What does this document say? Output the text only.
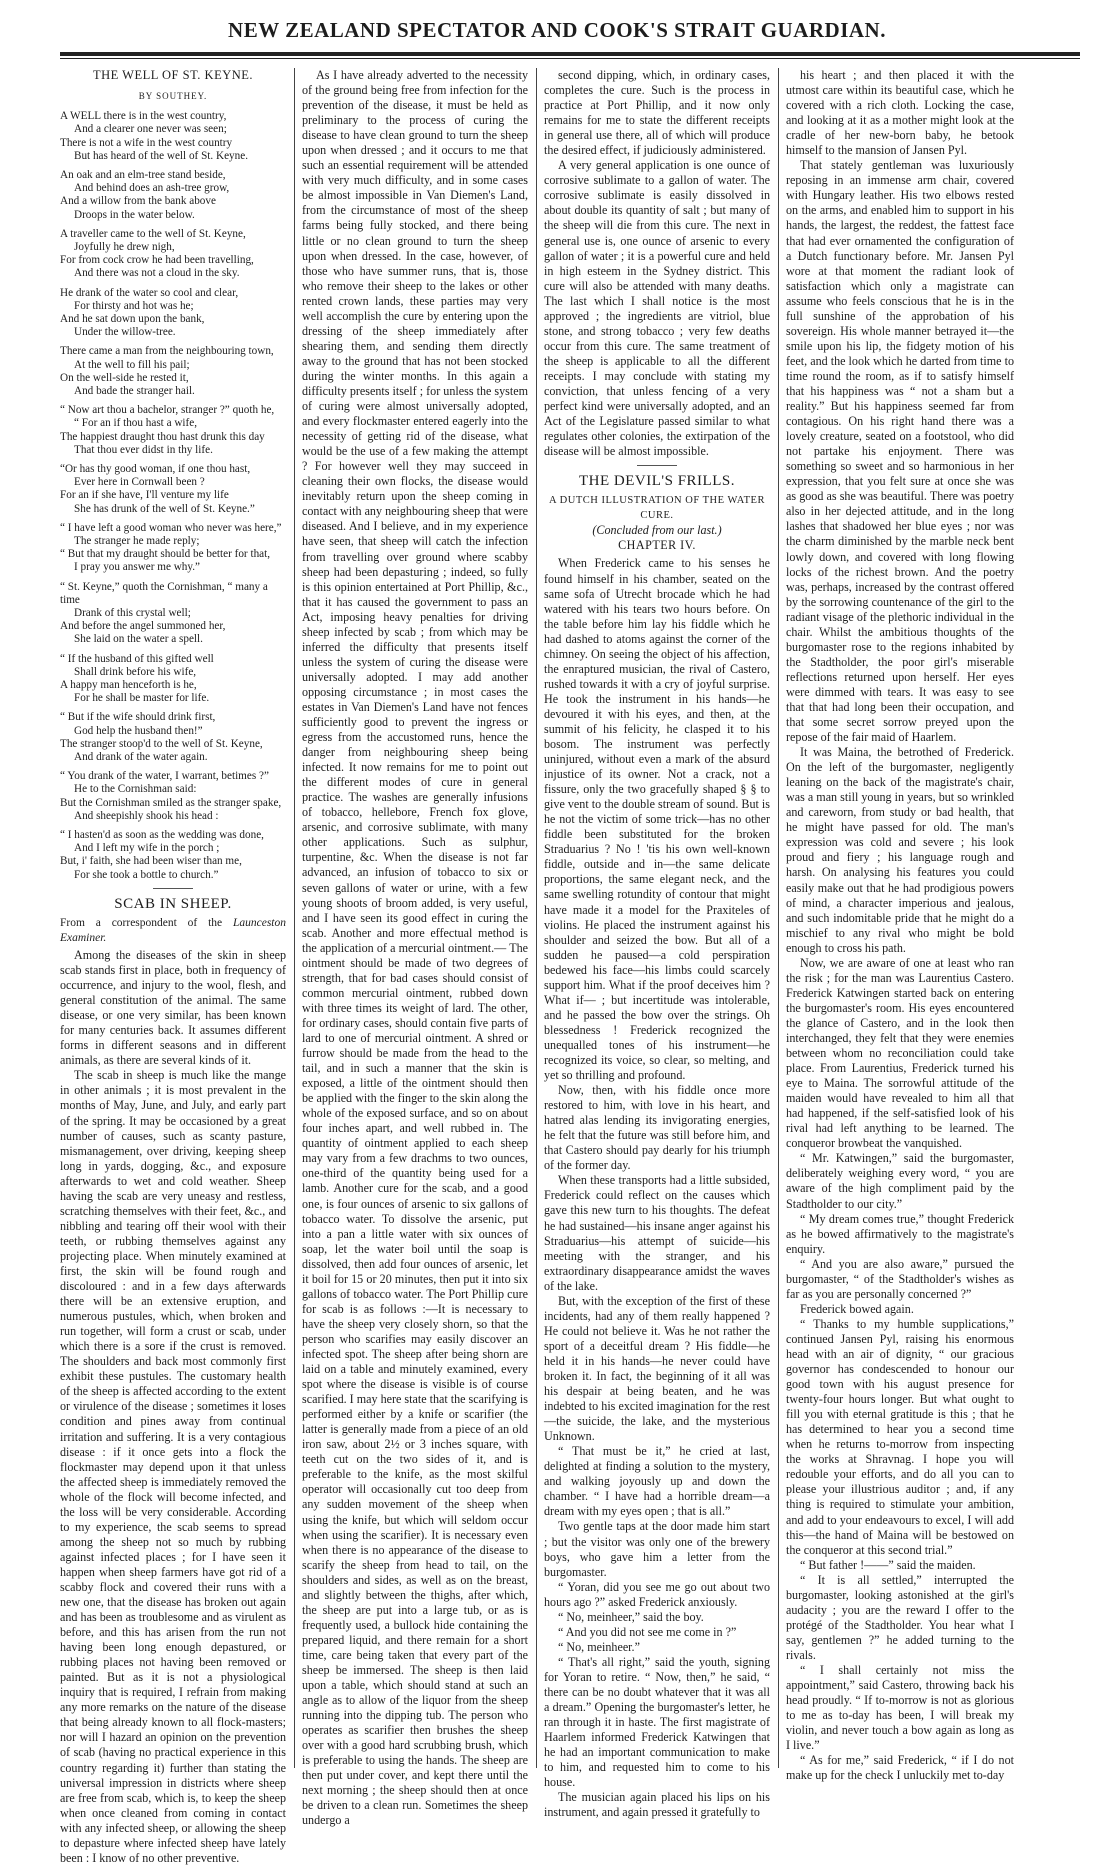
NEW ZEALAND SPECTATOR AND COOK'S STRAIT GUARDIAN.
THE WELL OF ST. KEYNE.
BY SOUTHEY.
A WELL there is in the west country,
And a clearer one never was seen;
There is not a wife in the west country
But has heard of the well of St. Keyne.
An oak and an elm-tree stand beside,
And behind does an ash-tree grow,
And a willow from the bank above
Droops in the water below.
A traveller came to the well of St. Keyne,
Joyfully he drew nigh,
For from cock crow he had been travelling,
And there was not a cloud in the sky.
He drank of the water so cool and clear,
For thirsty and hot was he;
And he sat down upon the bank,
Under the willow-tree.
There came a man from the neighbouring town,
At the well to fill his pail;
On the well-side he rested it,
And bade the stranger hail.
“ Now art thou a bachelor, stranger ?” quoth he,
“ For an if thou hast a wife,
The happiest draught thou hast drunk this day
That thou ever didst in thy life.
“Or has thy good woman, if one thou hast,
Ever here in Cornwall been ?
For an if she have, I'll venture my life
She has drunk of the well of St. Keyne.”
“ I have left a good woman who never was here,”
The stranger he made reply;
“ But that my draught should be better for that,
I pray you answer me why.”
“ St. Keyne,” quoth the Cornishman, “ many a time
Drank of this crystal well;
And before the angel summoned her,
She laid on the water a spell.
“ If the husband of this gifted well
Shall drink before his wife,
A happy man henceforth is he,
For he shall be master for life.
“ But if the wife should drink first,
God help the husband then!”
The stranger stoop'd to the well of St. Keyne,
And drank of the water again.
“ You drank of the water, I warrant, betimes ?”
He to the Cornishman said:
But the Cornishman smiled as the stranger spake,
And sheepishly shook his head :
“ I hasten'd as soon as the wedding was done,
And I left my wife in the porch ;
But, i' faith, she had been wiser than me,
For she took a bottle to church.”
SCAB IN SHEEP.

From a correspondent of the Launceston Examiner.

Among the diseases of the skin in sheep scab stands first in place, both in frequency of occurrence, and injury to the wool, flesh, and general constitution of the animal. The same disease, or one very similar, has been known for many centuries back. It assumes different forms in different seasons and in different animals, as there are several kinds of it.

The scab in sheep is much like the mange in other animals ; it is most prevalent in the months of May, June, and July, and early part of the spring. It may be occasioned by a great number of causes, such as scanty pasture, mismanagement, over driving, keeping sheep long in yards, dogging, &c., and exposure afterwards to wet and cold weather. Sheep having the scab are very uneasy and restless, scratching themselves with their feet, &c., and nibbling and tearing off their wool with their teeth, or rubbing themselves against any projecting place. When minutely examined at first, the skin will be found rough and discoloured : and in a few days afterwards there will be an extensive eruption, and numerous pustules, which, when broken and run together, will form a crust or scab, under which there is a sore if the crust is removed. The shoulders and back most commonly first exhibit these pustules. The customary health of the sheep is affected according to the extent or virulence of the disease ; sometimes it loses condition and pines away from continual irritation and suffering. It is a very contagious disease : if it once gets into a flock the flockmaster may depend upon it that unless the affected sheep is immediately removed the whole of the flock will become infected, and the loss will be very considerable. According to my experience, the scab seems to spread among the sheep not so much by rubbing against infected places ; for I have seen it happen when sheep farmers have got rid of a scabby flock and covered their runs with a new one, that the disease has broken out again and has been as troublesome and as virulent as before, and this has arisen from the run not having been long enough depastured, or rubbing places not having been removed or painted. But as it is not a physiological inquiry that is required, I refrain from making any more remarks on the nature of the disease that being already known to all flock-masters; nor will I hazard an opinion on the prevention of scab (having no practical experience in this country regarding it) further than stating the universal impression in districts where sheep are free from scab, which is, to keep the sheep when once cleaned from coming in contact with any infected sheep, or allowing the sheep to depasture where infected sheep have lately been : I know of no other preventive.

As I have already adverted to the necessity of the ground being free from infection for the prevention of the disease, it must be held as preliminary to the process of curing the disease to have clean ground to turn the sheep upon when dressed ; and it occurs to me that such an essential requirement will be attended with very much difficulty, and in some cases be almost impossible in Van Diemen's Land, from the circumstance of most of the sheep farms being fully stocked, and there being little or no clean ground to turn the sheep upon when dressed. In the case, however, of those who have summer runs, that is, those who remove their sheep to the lakes or other rented crown lands, these parties may very well accomplish the cure by entering upon the dressing of the sheep immediately after shearing them, and sending them directly away to the ground that has not been stocked during the winter months. In this again a difficulty presents itself ; for unless the system of curing were almost universally adopted, and every flockmaster entered eagerly into the necessity of getting rid of the disease, what would be the use of a few making the attempt ? For however well they may succeed in cleaning their own flocks, the disease would inevitably return upon the sheep coming in contact with any neighbouring sheep that were diseased. And I believe, and in my experience have seen, that sheep will catch the infection from travelling over ground where scabby sheep had been depasturing ; indeed, so fully is this opinion entertained at Port Phillip, &c., that it has caused the government to pass an Act, imposing heavy penalties for driving sheep infected by scab ; from which may be inferred the difficulty that presents itself unless the system of curing the disease were universally adopted. I may add another opposing circumstance ; in most cases the estates in Van Diemen's Land have not fences sufficiently good to prevent the ingress or egress from the accustomed runs, hence the danger from neighbouring sheep being infected. It now remains for me to point out the different modes of cure in general practice. The washes are generally infusions of tobacco, hellebore, French fox glove, arsenic, and corrosive sublimate, with many other applications. Such as sulphur, turpentine, &c. When the disease is not far advanced, an infusion of tobacco to six or seven gallons of water or urine, with a few young shoots of broom added, is very useful, and I have seen its good effect in curing the scab. Another and more effectual method is the application of a mercurial ointment.— The ointment should be made of two degrees of strength, that for bad cases should consist of common mercurial ointment, rubbed down with three times its weight of lard. The other, for ordinary cases, should contain five parts of lard to one of mercurial ointment. A shred or furrow should be made from the head to the tail, and in such a manner that the skin is exposed, a little of the ointment should then be applied with the finger to the skin along the whole of the exposed surface, and so on about four inches apart, and well rubbed in. The quantity of ointment applied to each sheep may vary from a few drachms to two ounces, one-third of the quantity being used for a lamb. Another cure for the scab, and a good one, is four ounces of arsenic to six gallons of tobacco water. To dissolve the arsenic, put into a pan a little water with six ounces of soap, let the water boil until the soap is dissolved, then add four ounces of arsenic, let it boil for 15 or 20 minutes, then put it into six gallons of tobacco water. The Port Phillip cure for scab is as follows :—It is necessary to have the sheep very closely shorn, so that the person who scarifies may easily discover an infected spot. The sheep after being shorn are laid on a table and minutely examined, every spot where the disease is visible is of course scarified. I may here state that the scarifying is performed either by a knife or scarifier (the latter is generally made from a piece of an old iron saw, about 2½ or 3 inches square, with teeth cut on the two sides of it, and is preferable to the knife, as the most skilful operator will occasionally cut too deep from any sudden movement of the sheep when using the knife, but which will seldom occur when using the scarifier). It is necessary even when there is no appearance of the disease to scarify the sheep from head to tail, on the shoulders and sides, as well as on the breast, and slightly between the thighs, after which, the sheep are put into a large tub, or as is frequently used, a bullock hide containing the prepared liquid, and there remain for a short time, care being taken that every part of the sheep be immersed. The sheep is then laid upon a table, which should stand at such an angle as to allow of the liquor from the sheep running into the dipping tub. The person who operates as scarifier then brushes the sheep over with a good hard scrubbing brush, which is preferable to using the hands. The sheep are then put under cover, and kept there until the next morning ; the sheep should then at once be driven to a clean run. Sometimes the sheep undergo a

second dipping, which, in ordinary cases, completes the cure. Such is the process in practice at Port Phillip, and it now only remains for me to state the different receipts in general use there, all of which will produce the desired effect, if judiciously administered.

A very general application is one ounce of corrosive sublimate to a gallon of water. The corrosive sublimate is easily dissolved in about double its quantity of salt ; but many of the sheep will die from this cure. The next in general use is, one ounce of arsenic to every gallon of water ; it is a powerful cure and held in high esteem in the Sydney district. This cure will also be attended with many deaths. The last which I shall notice is the most approved ; the ingredients are vitriol, blue stone, and strong tobacco ; very few deaths occur from this cure. The same treatment of the sheep is applicable to all the different receipts. I may conclude with stating my conviction, that unless fencing of a very perfect kind were universally adopted, and an Act of the Legislature passed similar to what regulates other colonies, the extirpation of the disease will be almost impossible.

THE DEVIL'S FRILLS.
A DUTCH ILLUSTRATION OF THE WATER CURE.
(Concluded from our last.)
CHAPTER IV.

When Frederick came to his senses he found himself in his chamber, seated on the same sofa of Utrecht brocade which he had watered with his tears two hours before. On the table before him lay his fiddle which he had dashed to atoms against the corner of the chimney. On seeing the object of his affection, the enraptured musician, the rival of Castero, rushed towards it with a cry of joyful surprise. He took the instrument in his hands—he devoured it with his eyes, and then, at the summit of his felicity, he clasped it to his bosom. The instrument was perfectly uninjured, without even a mark of the absurd injustice of its owner. Not a crack, not a fissure, only the two gracefully shaped § § to give vent to the double stream of sound. But is he not the victim of some trick—has no other fiddle been substituted for the broken Straduarius ? No ! 'tis his own well-known fiddle, outside and in—the same delicate proportions, the same elegant neck, and the same swelling rotundity of contour that might have made it a model for the Praxiteles of violins. He placed the instrument against his shoulder and seized the bow. But all of a sudden he paused—a cold perspiration bedewed his face—his limbs could scarcely support him. What if the proof deceives him ? What if— ; but incertitude was intolerable, and he passed the bow over the strings. Oh blessedness ! Frederick recognized the unequalled tones of his instrument—he recognized its voice, so clear, so melting, and yet so thrilling and profound.

Now, then, with his fiddle once more restored to him, with love in his heart, and hatred alas lending its invigorating energies, he felt that the future was still before him, and that Castero should pay dearly for his triumph of the former day.

When these transports had a little subsided, Frederick could reflect on the causes which gave this new turn to his thoughts. The defeat he had sustained—his insane anger against his Straduarius—his attempt of suicide—his meeting with the stranger, and his extraordinary disappearance amidst the waves of the lake.

But, with the exception of the first of these incidents, had any of them really happened ? He could not believe it. Was he not rather the sport of a deceitful dream ? His fiddle—he held it in his hands—he never could have broken it. In fact, the beginning of it all was his despair at being beaten, and he was indebted to his excited imagination for the rest—the suicide, the lake, and the mysterious Unknown.

“ That must be it,” he cried at last, delighted at finding a solution to the mystery, and walking joyously up and down the chamber. “ I have had a horrible dream—a dream with my eyes open ; that is all.”

Two gentle taps at the door made him start ; but the visitor was only one of the brewery boys, who gave him a letter from the burgomaster.

“ Yoran, did you see me go out about two hours ago ?” asked Frederick anxiously.

“ No, meinheer,” said the boy.

“ And you did not see me come in ?”

“ No, meinheer.”

“ That's all right,” said the youth, signing for Yoran to retire. “ Now, then,” he said, “ there can be no doubt whatever that it was all a dream.” Opening the burgomaster's letter, he ran through it in haste. The first magistrate of Haarlem informed Frederick Katwingen that he had an important communication to make to him, and requested him to come to his house.

The musician again placed his lips on his instrument, and again pressed it gratefully to

his heart ; and then placed it with the utmost care within its beautiful case, which he covered with a rich cloth. Locking the case, and looking at it as a mother might look at the cradle of her new-born baby, he betook himself to the mansion of Jansen Pyl.

That stately gentleman was luxuriously reposing in an immense arm chair, covered with Hungary leather. His two elbows rested on the arms, and enabled him to support in his hands, the largest, the reddest, the fattest face that had ever ornamented the configuration of a Dutch functionary before. Mr. Jansen Pyl wore at that moment the radiant look of satisfaction which only a magistrate can assume who feels conscious that he is in the full sunshine of the approbation of his sovereign. His whole manner betrayed it—the smile upon his lip, the fidgety motion of his feet, and the look which he darted from time to time round the room, as if to satisfy himself that his happiness was “ not a sham but a reality.” But his happiness seemed far from contagious. On his right hand there was a lovely creature, seated on a footstool, who did not partake his enjoyment. There was something so sweet and so harmonious in her expression, that you felt sure at once she was as good as she was beautiful. There was poetry also in her dejected attitude, and in the long lashes that shadowed her blue eyes ; nor was the charm diminished by the marble neck bent lowly down, and covered with long flowing locks of the richest brown. And the poetry was, perhaps, increased by the contrast offered by the sorrowing countenance of the girl to the radiant visage of the plethoric individual in the chair. Whilst the ambitious thoughts of the burgomaster rose to the regions inhabited by the Stadtholder, the poor girl's miserable reflections returned upon herself. Her eyes were dimmed with tears. It was easy to see that that had long been their occupation, and that some secret sorrow preyed upon the repose of the fair maid of Haarlem.

It was Maina, the betrothed of Frederick. On the left of the burgomaster, negligently leaning on the back of the magistrate's chair, was a man still young in years, but so wrinkled and careworn, from study or bad health, that he might have passed for old. The man's expression was cold and severe ; his look proud and fiery ; his language rough and harsh. On analysing his features you could easily make out that he had prodigious powers of mind, a character imperious and jealous, and such indomitable pride that he might do a mischief to any rival who might be bold enough to cross his path.

Now, we are aware of one at least who ran the risk ; for the man was Laurentius Castero. Frederick Katwingen started back on entering the burgomaster's room. His eyes encountered the glance of Castero, and in the look then interchanged, they felt that they were enemies between whom no reconciliation could take place. From Laurentius, Frederick turned his eye to Maina. The sorrowful attitude of the maiden would have revealed to him all that had happened, if the self-satisfied look of his rival had left anything to be learned. The conqueror browbeat the vanquished.

“ Mr. Katwingen,” said the burgomaster, deliberately weighing every word, “ you are aware of the high compliment paid by the Stadtholder to our city.”

“ My dream comes true,” thought Frederick as he bowed affirmatively to the magistrate's enquiry.

“ And you are also aware,” pursued the burgomaster, “ of the Stadtholder's wishes as far as you are personally concerned ?”

Frederick bowed again.

“ Thanks to my humble supplications,” continued Jansen Pyl, raising his enormous head with an air of dignity, “ our gracious governor has condescended to honour our good town with his august presence for twenty-four hours longer. But what ought to fill you with eternal gratitude is this ; that he has determined to hear you a second time when he returns to-morrow from inspecting the works at Shravnag. I hope you will redouble your efforts, and do all you can to please your illustrious auditor ; and, if any thing is required to stimulate your ambition, and add to your endeavours to excel, I will add this—the hand of Maina will be bestowed on the conqueror at this second trial.”

“ But father !——” said the maiden.

“ It is all settled,” interrupted the burgomaster, looking astonished at the girl's audacity ; you are the reward I offer to the protégé of the Stadtholder. You hear what I say, gentlemen ?” he added turning to the rivals.

“ I shall certainly not miss the appointment,” said Castero, throwing back his head proudly. “ If to-morrow is not as glorious to me as to-day has been, I will break my violin, and never touch a bow again as long as I live.”

“ As for me,” said Frederick, “ if I do not make up for the check I unluckily met to-day
